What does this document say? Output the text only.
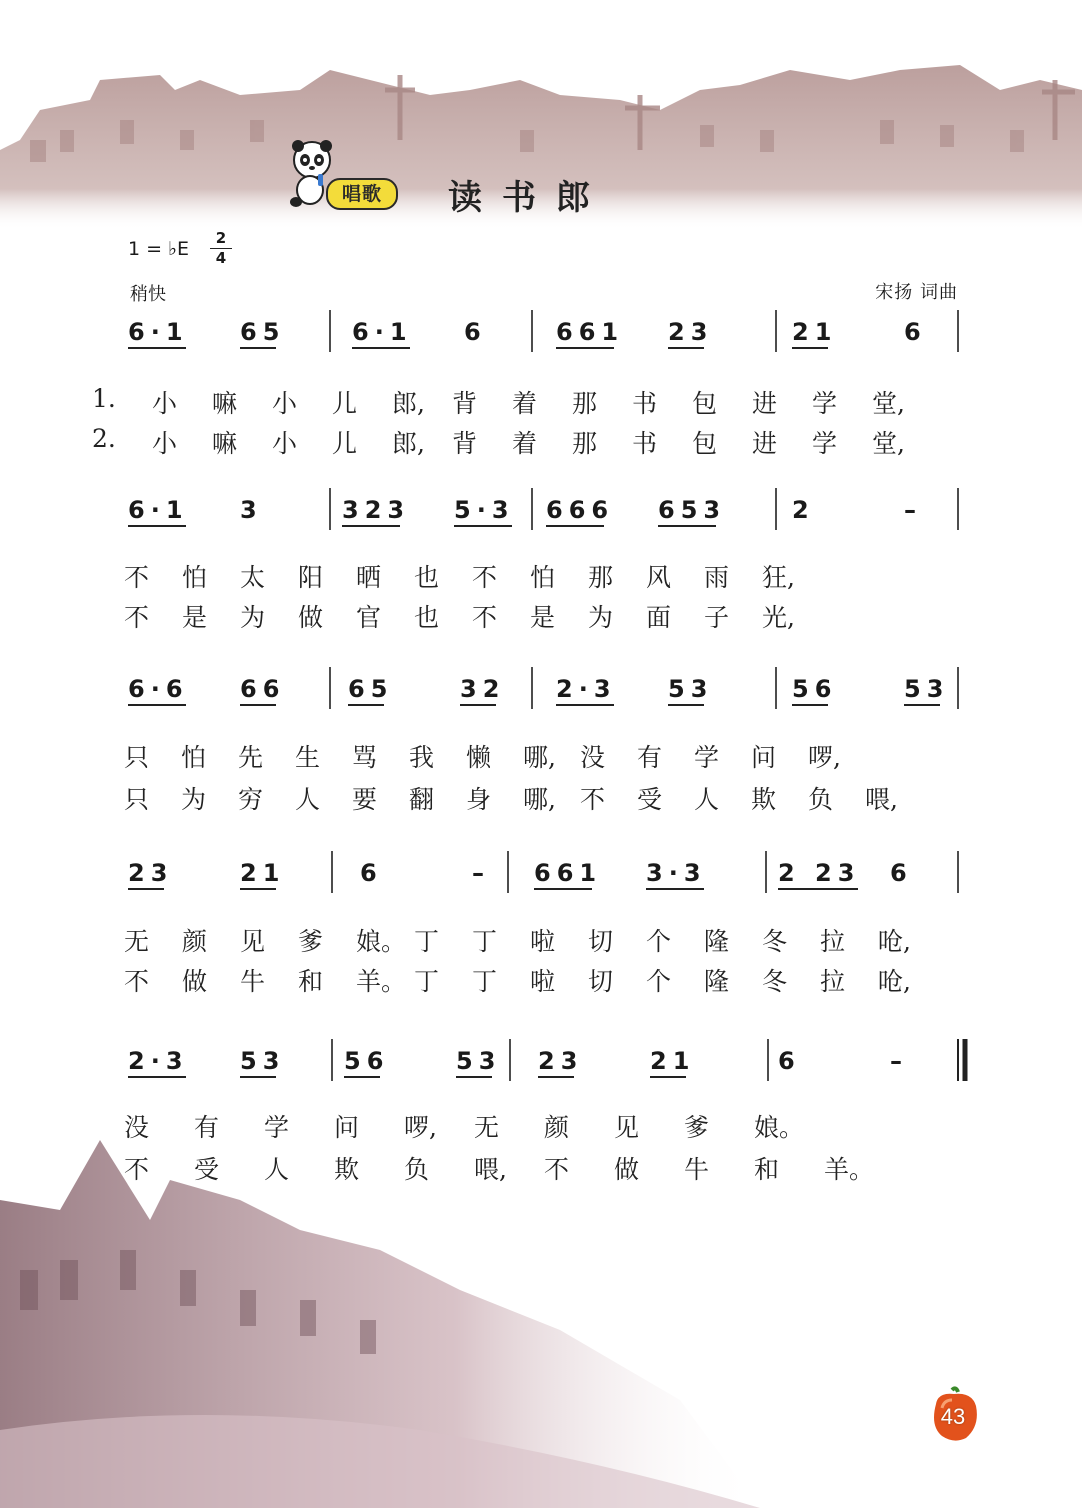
唱歌	读书郎
1 = ♭E	2
4
稍快	宋扬 词曲
6·1 65	6·1 6	661 23	21	6
6·1 3	323 5·3 666 653	2	–
6·6 66	65	32 2·3 53	56	53
23	21	6	– 661 3·3	2 23 6
2·3 53 56	53 23	21	6	–
1. 小 嘛 小 儿 郎, 背 着 那 书 包 进 学 堂,
2. 小 嘛 小 儿 郎, 背 着 那 书 包 进 学 堂,
不 怕 太 阳 晒 也 不 怕 那 风 雨 狂,
不 是 为 做 官 也 不 是 为 面 子 光,
只 怕 先 生 骂 我 懒 哪, 没 有 学 问 啰,
只 为 穷 人 要 翻 身 哪, 不 受 人 欺 负 喂,
无 颜 见 爹 娘。 丁 丁 啦 切 个 隆 冬 拉 呛,
不 做 牛 和 羊。 丁 丁 啦 切 个 隆 冬 拉 呛,
没 有 学 问 啰, 无 颜 见 爹 娘。
不 受 人 欺 负 喂, 不 做 牛 和 羊。
43
